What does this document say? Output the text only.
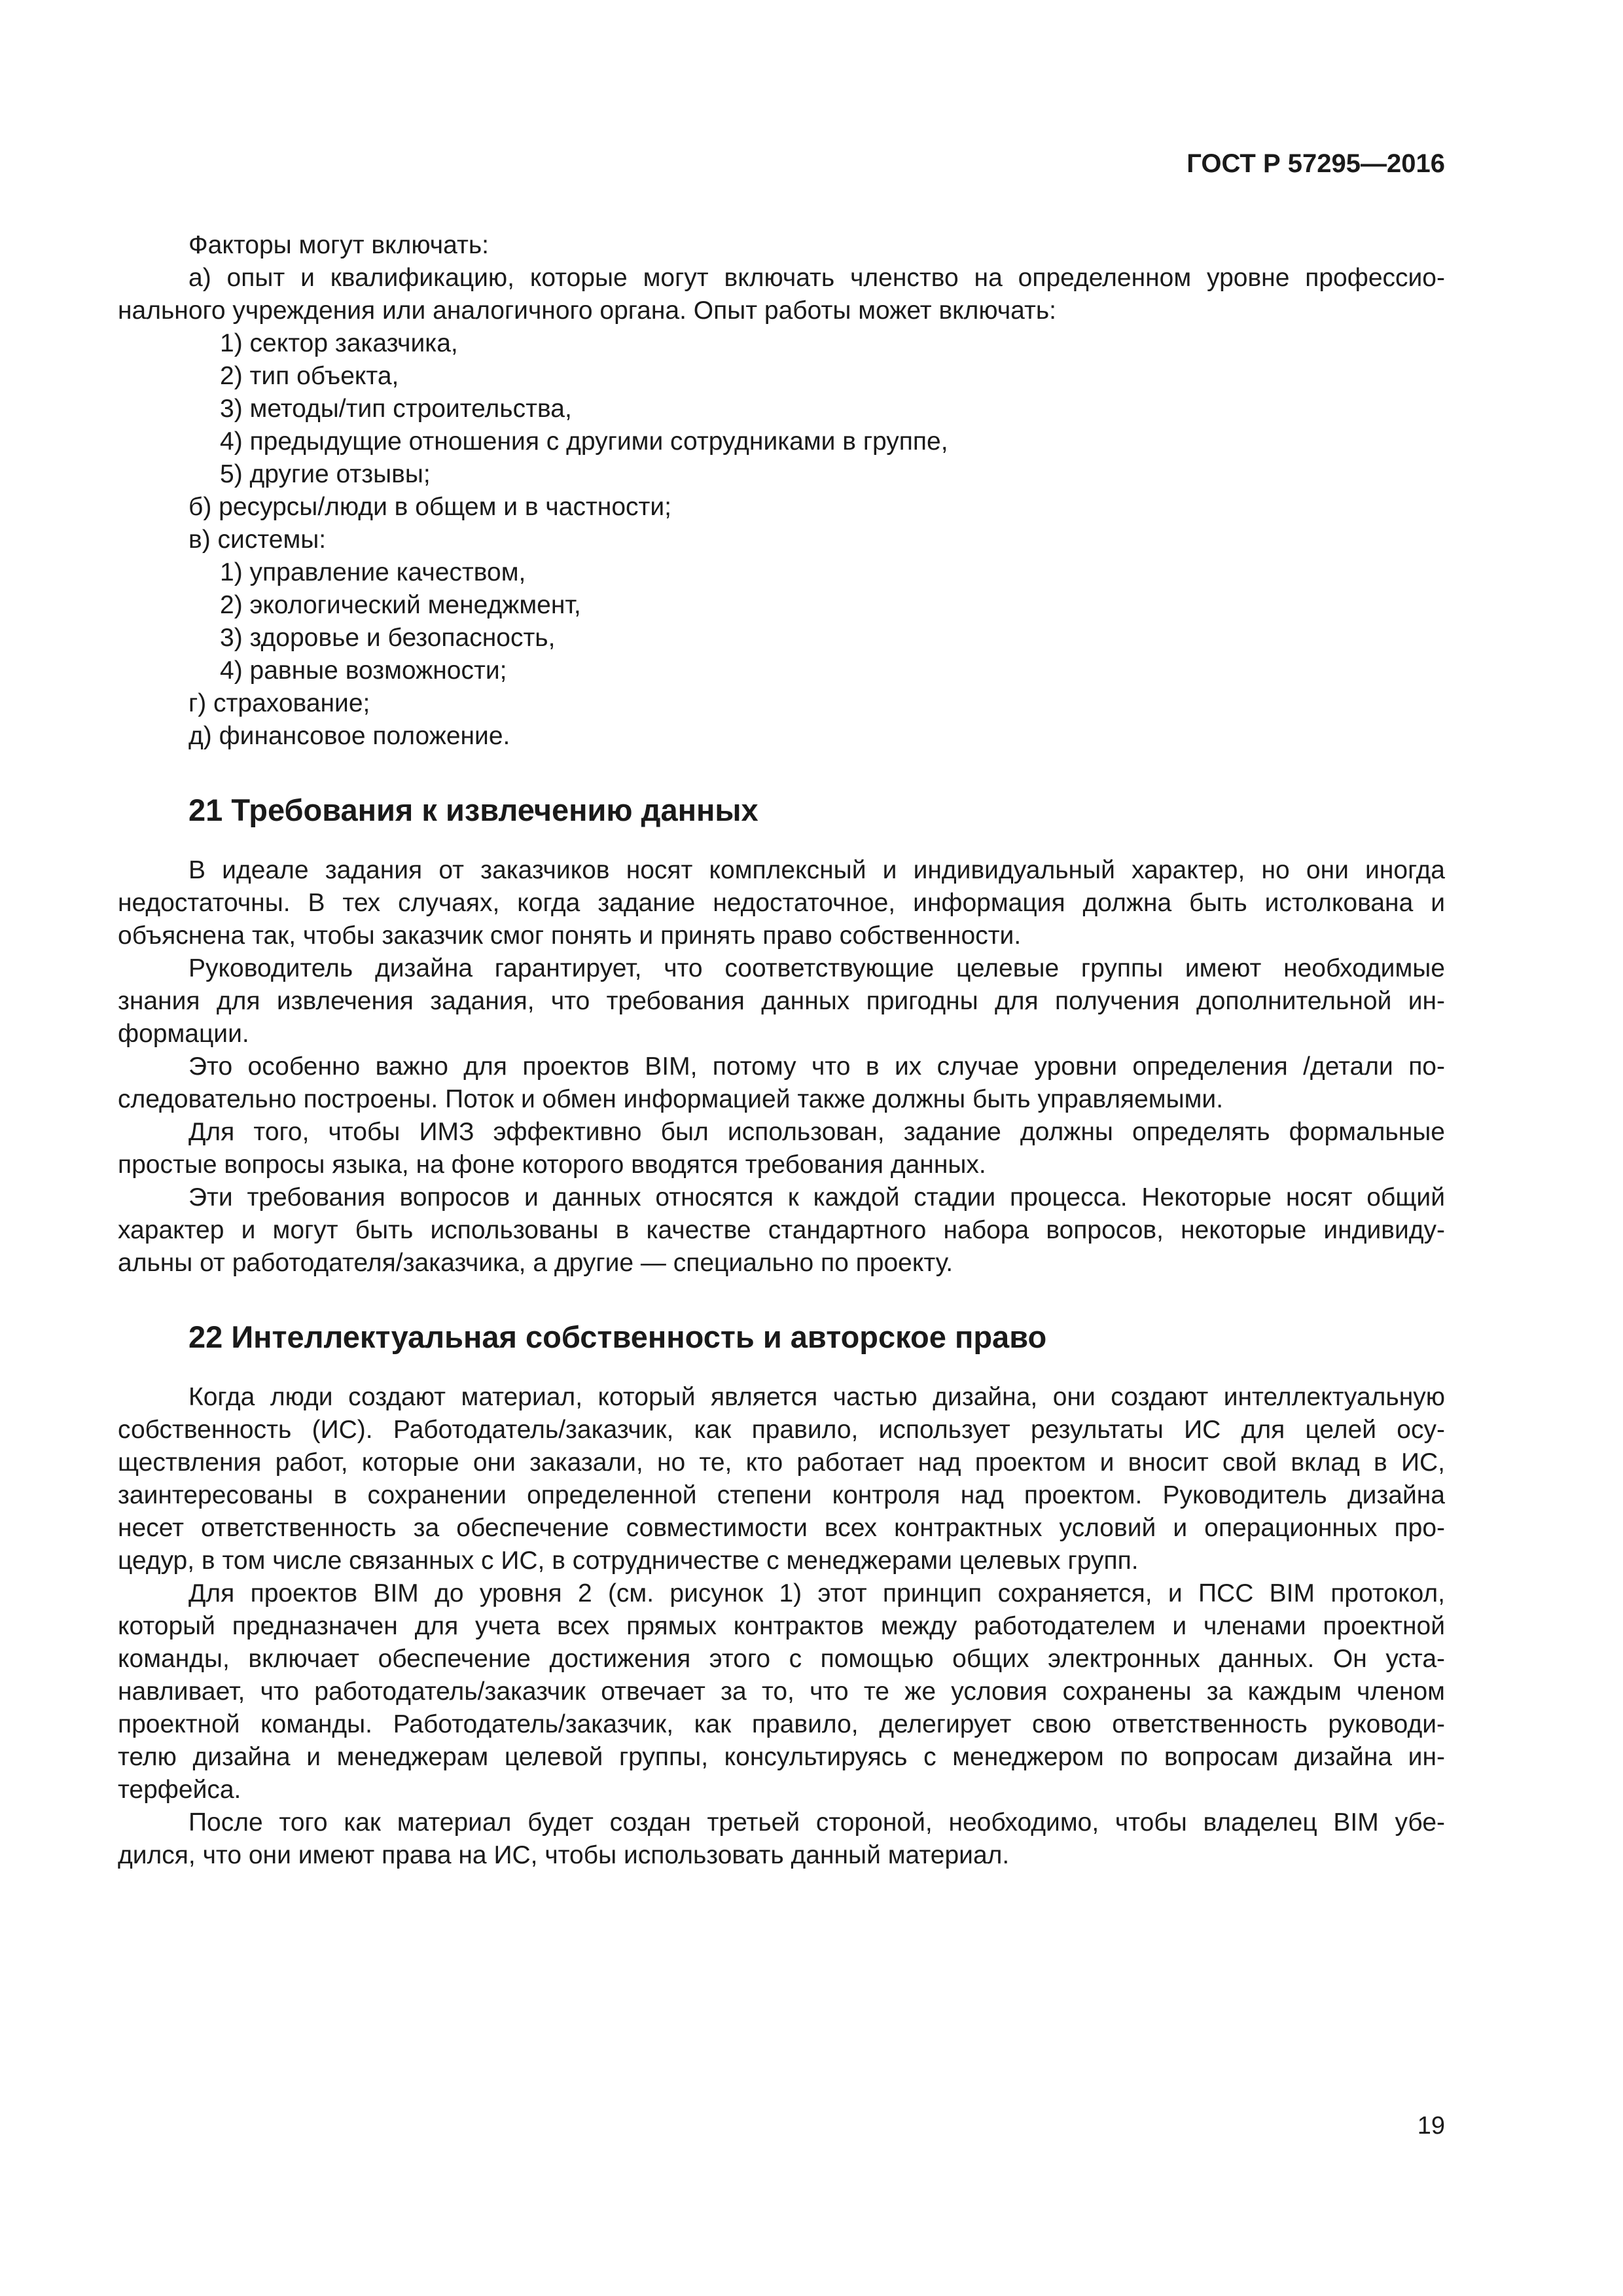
ГОСТ Р 57295—2016
Факторы могут включать:
а) опыт и квалификацию, которые могут включать членство на определенном уровне профессио-
нального учреждения или аналогичного органа. Опыт работы может включать:
1) сектор заказчика,
2) тип объекта,
3) методы/тип строительства,
4) предыдущие отношения с другими сотрудниками в группе,
5) другие отзывы;
б) ресурсы/люди в общем и в частности;
в) системы:
1) управление качеством,
2) экологический менеджмент,
3) здоровье и безопасность,
4) равные возможности;
г) страхование;
д) финансовое положение.
21 Требования к извлечению данных
В идеале задания от заказчиков носят комплексный и индивидуальный характер, но они иногда
недостаточны. В тех случаях, когда задание недостаточное, информация должна быть истолкована и
объяснена так, чтобы заказчик смог понять и принять право собственности.
Руководитель дизайна гарантирует, что соответствующие целевые группы имеют необходимые
знания для извлечения задания, что требования данных пригодны для получения дополнительной ин-
формации.
Это особенно важно для проектов BIM, потому что в их случае уровни определения /детали по-
следовательно построены. Поток и обмен информацией также должны быть управляемыми.
Для того, чтобы ИМЗ эффективно был использован, задание должны определять формальные
простые вопросы языка, на фоне которого вводятся требования данных.
Эти требования вопросов и данных относятся к каждой стадии процесса. Некоторые носят общий
характер и могут быть использованы в качестве стандартного набора вопросов, некоторые индивиду-
альны от работодателя/заказчика, а другие — специально по проекту.
22 Интеллектуальная собственность и авторское право
Когда люди создают материал, который является частью дизайна, они создают интеллектуальную
собственность (ИС). Работодатель/заказчик, как правило, использует результаты ИС для целей осу-
ществления работ, которые они заказали, но те, кто работает над проектом и вносит свой вклад в ИС,
заинтересованы в сохранении определенной степени контроля над проектом. Руководитель дизайна
несет ответственность за обеспечение совместимости всех контрактных условий и операционных про-
цедур, в том числе связанных с ИС, в сотрудничестве с менеджерами целевых групп.
Для проектов BIM до уровня 2 (см. рисунок 1) этот принцип сохраняется, и ПСС BIM протокол,
который предназначен для учета всех прямых контрактов между работодателем и членами проектной
команды, включает обеспечение достижения этого с помощью общих электронных данных. Он уста-
навливает, что работодатель/заказчик отвечает за то, что те же условия сохранены за каждым членом
проектной команды. Работодатель/заказчик, как правило, делегирует свою ответственность руководи-
телю дизайна и менеджерам целевой группы, консультируясь с менеджером по вопросам дизайна ин-
терфейса.
После того как материал будет создан третьей стороной, необходимо, чтобы владелец BIM убе-
дился, что они имеют права на ИС, чтобы использовать данный материал.
19
